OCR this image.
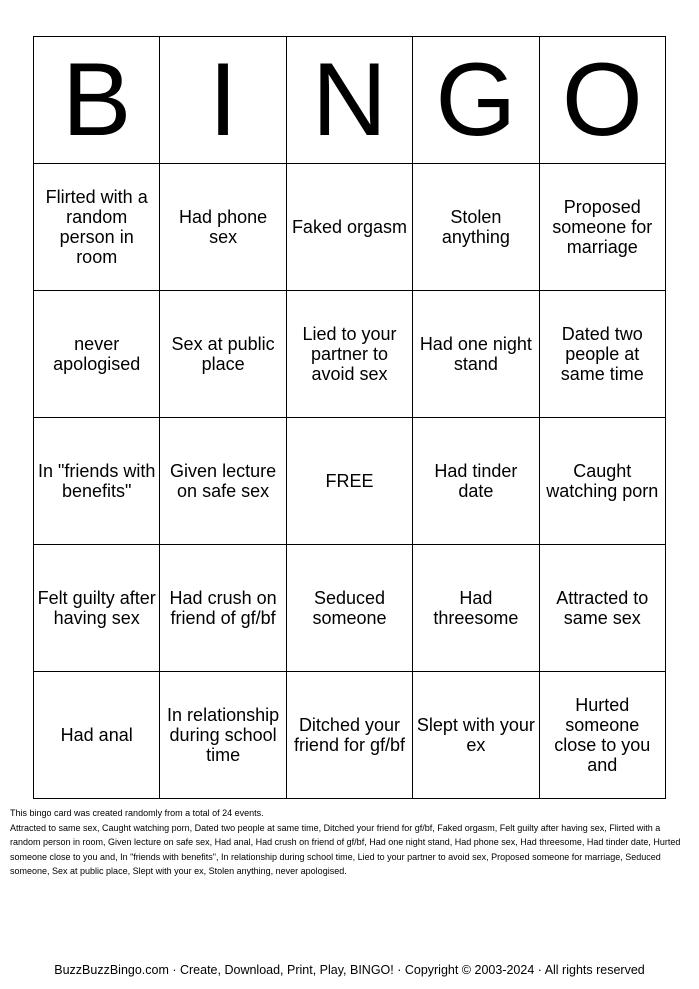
B	I	N	G	O
Flirted with a random person in room	Had phone sex	Faked orgasm	Stolen anything	Proposed someone for marriage
never apologised	Sex at public place	Lied to your partner to avoid sex	Had one night stand	Dated two people at same time
In "friends with benefits"	Given lecture on safe sex	FREE	Had tinder date	Caught watching porn
Felt guilty after having sex	Had crush on friend of gf/bf	Seduced someone	Had threesome	Attracted to same sex
Had anal	In relationship during school time	Ditched your friend for gf/bf	Slept with your ex	Hurted someone close to you and

This bingo card was created randomly from a total of 24 events.

Attracted to same sex, Caught watching porn, Dated two people at same time, Ditched your friend for gf/bf, Faked orgasm, Felt guilty after having sex, Flirted with a random person in room, Given lecture on safe sex, Had anal, Had crush on friend of gf/bf, Had one night stand, Had phone sex, Had threesome, Had tinder date, Hurted someone close to you and, In "friends with benefits", In relationship during school time, Lied to your partner to avoid sex, Proposed someone for marriage, Seduced someone, Sex at public place, Slept with your ex, Stolen anything, never apologised.

BuzzBuzzBingo.com · Create, Download, Print, Play, BINGO! · Copyright © 2003-2024 · All rights reserved
